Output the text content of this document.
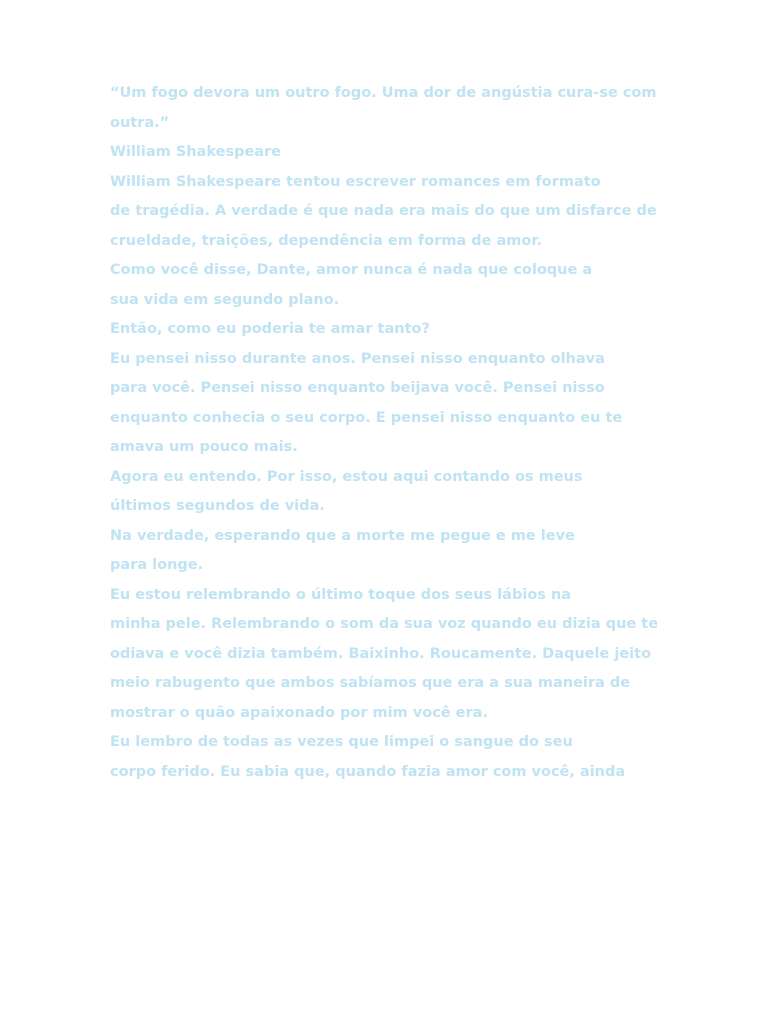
“Um fogo devora um outro fogo. Uma dor de angústia cura-se com

outra.”

William Shakespeare

William Shakespeare tentou escrever romances em formato

de tragédia. A verdade é que nada era mais do que um disfarce de

crueldade, traições, dependência em forma de amor.

Como você disse, Dante, amor nunca é nada que coloque a

sua vida em segundo plano.

Então, como eu poderia te amar tanto?

Eu pensei nisso durante anos. Pensei nisso enquanto olhava

para você. Pensei nisso enquanto beijava você. Pensei nisso

enquanto conhecia o seu corpo. E pensei nisso enquanto eu te

amava um pouco mais.

Agora eu entendo. Por isso, estou aqui contando os meus

últimos segundos de vida.

Na verdade, esperando que a morte me pegue e me leve

para longe.

Eu estou relembrando o último toque dos seus lábios na

minha pele. Relembrando o som da sua voz quando eu dizia que te

odiava e você dizia também. Baixinho. Roucamente. Daquele jeito

meio rabugento que ambos sabíamos que era a sua maneira de

mostrar o quão apaixonado por mim você era.

Eu lembro de todas as vezes que limpei o sangue do seu

corpo ferido. Eu sabia que, quando fazia amor com você, ainda
